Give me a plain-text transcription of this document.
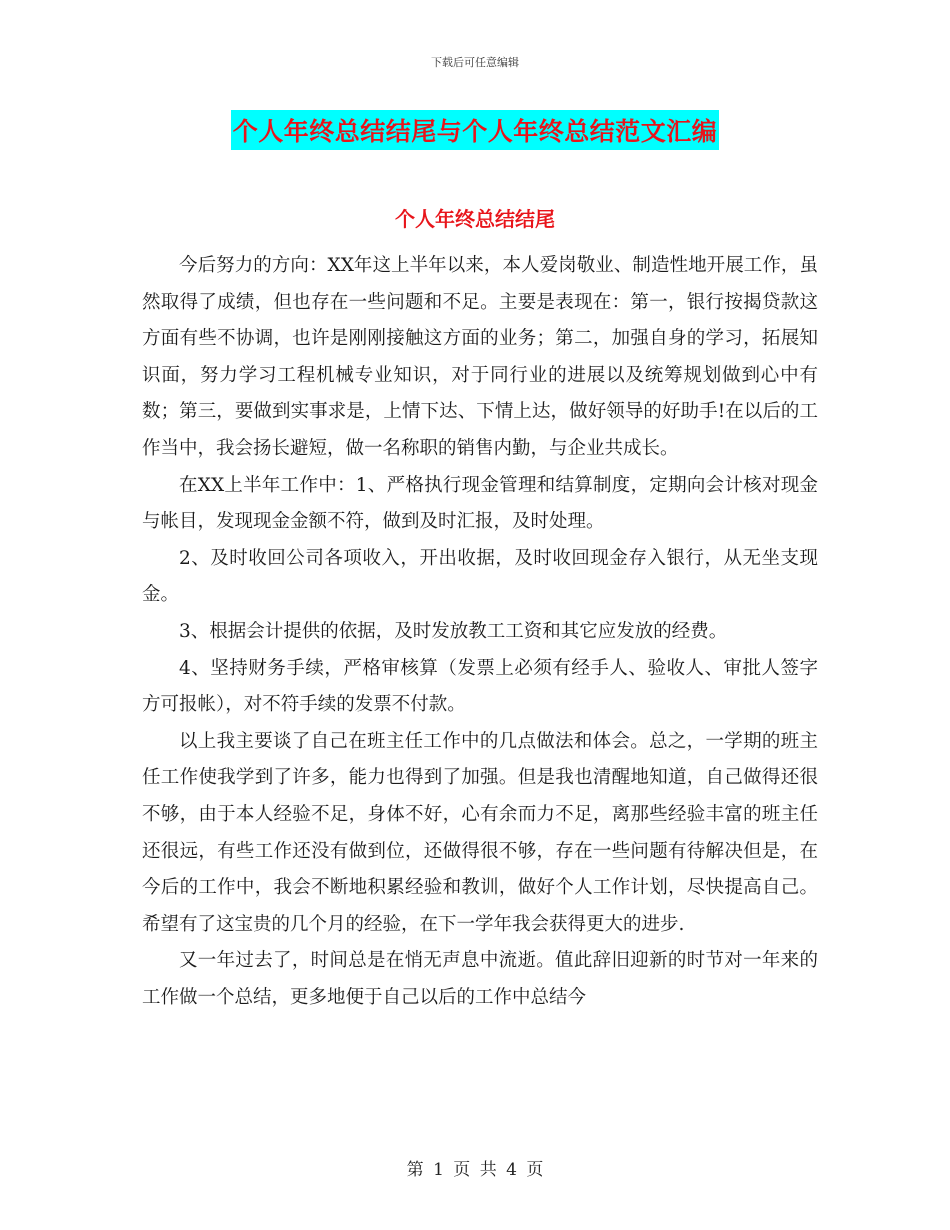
下载后可任意编辑
个人年终总结结尾与个人年终总结范文汇编
个人年终总结结尾

今后努力的方向：XX年这上半年以来，本人爱岗敬业、制造性地开展工作，虽然取得了成绩，但也存在一些问题和不足。主要是表现在：第一，银行按揭贷款这方面有些不协调，也许是刚刚接触这方面的业务；第二，加强自身的学习，拓展知识面，努力学习工程机械专业知识，对于同行业的进展以及统筹规划做到心中有数；第三，要做到实事求是，上情下达、下情上达，做好领导的好助手!在以后的工作当中，我会扬长避短，做一名称职的销售内勤，与企业共成长。

在XX上半年工作中：1、严格执行现金管理和结算制度，定期向会计核对现金与帐目，发现现金金额不符，做到及时汇报，及时处理。

2、及时收回公司各项收入，开出收据，及时收回现金存入银行，从无坐支现金。

3、根据会计提供的依据，及时发放教工工资和其它应发放的经费。

4、坚持财务手续，严格审核算（发票上必须有经手人、验收人、审批人签字方可报帐），对不符手续的发票不付款。

以上我主要谈了自己在班主任工作中的几点做法和体会。总之，一学期的班主任工作使我学到了许多，能力也得到了加强。但是我也清醒地知道，自己做得还很不够，由于本人经验不足，身体不好，心有余而力不足，离那些经验丰富的班主任还很远，有些工作还没有做到位，还做得很不够，存在一些问题有待解决但是，在今后的工作中，我会不断地积累经验和教训，做好个人工作计划，尽快提高自己。希望有了这宝贵的几个月的经验，在下一学年我会获得更大的进步.

又一年过去了，时间总是在悄无声息中流逝。值此辞旧迎新的时节对一年来的工作做一个总结，更多地便于自己以后的工作中总结今

第 1 页 共 4 页
